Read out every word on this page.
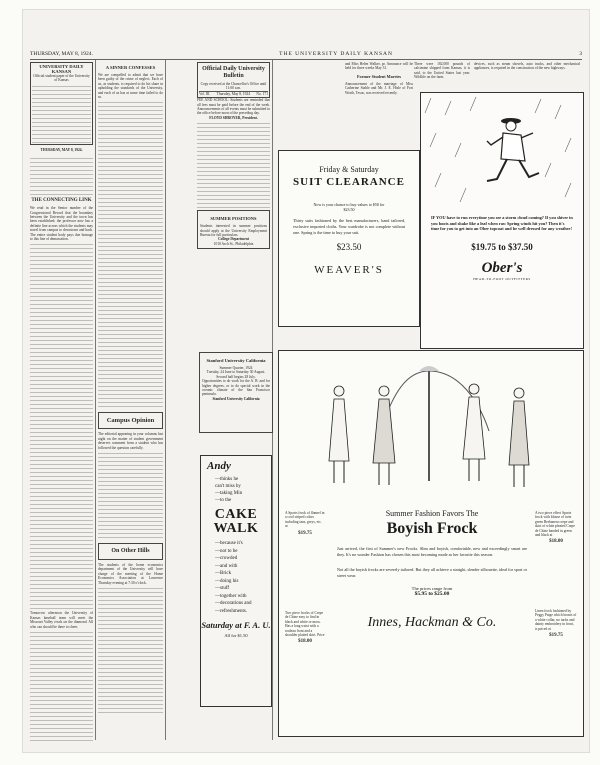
THURSDAY, MAY 8, 1924.	THE UNIVERSITY DAILY KANSAN	3
UNIVERSITY DAILY KANSAN
Official student paper of the University of Kansas
THURSDAY, MAY 8, 1924.
THE CONNECTING LINK
We read in the Senior number of the Congressional Record that the boundary between the University and the town has been established; the professor now has a definite line across which the students may travel from campus to downtown and back. The entire student body pays due homage to this line of demarcation.
Tomorrow afternoon the University of Kansas baseball team will meet the Missouri Valley rivals on the diamond. All who can should be there to cheer.
A SINNER CONFESSES
We are compelled to admit that we have been guilty of the crime of neglect. Each of us, as students, is required to do his share in upholding the standards of the University, and each of us has at some time failed to do so.
Campus Opinion
The editorial appearing in your columns last night on the matter of student government deserves comment from a student who has followed the question carefully.
On Other Hills
The students of the home economics department of the University will have charge of the meeting of the Home Economics Association at Lawrence Thursday evening at 7:30 o'clock.
Official Daily University Bulletin
Copy received at the Chancellor's Office until 11:00 a.m.
Vol. III. Thursday, May 8, 1924 No. 171
FEE AND SCHOOL: Students are reminded that all fees must be paid before the end of the week. Announcements of all events must be submitted to the office before noon of the preceding day.
FLOYD SHROYER, President.
SUMMER POSITIONS
Students interested in summer positions should apply at the University Employment Bureau for full particulars.
College Department
1010 Arch St., Philadelphia
Stanford University California
Summer Quarter, 1924
Tuesday, 24 June to Saturday 30 August. Second half begins 28 July.
Opportunities to do work for the A. B. and for higher degrees, or to do special work in the oceanic climate of the San Francisco peninsula.
Stanford University California
Andy
—thinks he
can't miss by
—taking Min
—to the
CAKE WALK
—because it's
—not to be
—crowded
—and with
—Brick
—doing his
—stuff
—together with
—decorations and
—refreshments.
Saturday at F. A. U.
All for $1.50
Friday & Saturday
SUIT CLEARANCE
Now is your chance to buy values to $50 for
$23.50
Thirty suits fashioned by the best manufacturers, hand tailored, exclusive imported cloths. Your wardrobe is not complete without one. Spring is the time to buy your suit.
$23.50
WEAVER'S
and Miss Helen Walker, pr. Announce will be held for three weeks May 31.
Former Student Marries
Announcement of the marriage of Miss Catherine Stahle and Mr. J. E. Hisle of Fort Worth, Texas, was received recently.
There were 182,000 pounds of calcimine shipped from Kansas, it is said, to the United States last year. Wildlife on the farm.
devices, such as steam shovels, auto trucks, and other mechanical appliances, is required in the construction of the new highways.
IF YOU have to run everytime you see a storm cloud coming? If you shiver in you boots and shake like a leaf when raw Spring winds hit you? Then it's time for you to get into an Ober topcoat and be well dressed for any weather!
$19.75 to $37.50
Ober's
HEAD-TO-FOOT OUTFITTERS
A Sports frock of flannel in a cool striped colors including tans, greys, etc. at
$19.75
Two piece frocks of Crepe de Chine easy to find in black and white or moss. Has a long waist with a rouleau front and a shoulder plaited skirt. Price
$18.00
Summer Fashion Favors The
Boyish Frock
Just arrived, the first of Summer's new Frocks. Slim and boyish, comfortable, new and exceedingly smart are they. It's no wonder Fashion has chosen this most becoming mode as her favorite this season.
Not all the boyish frocks are severely tailored. But they all achieve a straight, slender silhouette, ideal for sport or street wear.
The prices range from
$5.95 to $25.00
Innes, Hackman & Co.
A two piece effect Sports frock with blouse of twin green Berbanera crepe and skirt of white pleated Crepe de Chine banded in green and black at
$18.00
Linen frock fashioned by Peggy Paige which boasts of a white collar, no tucks and dainty embroidery in front, is priced at
$19.75
